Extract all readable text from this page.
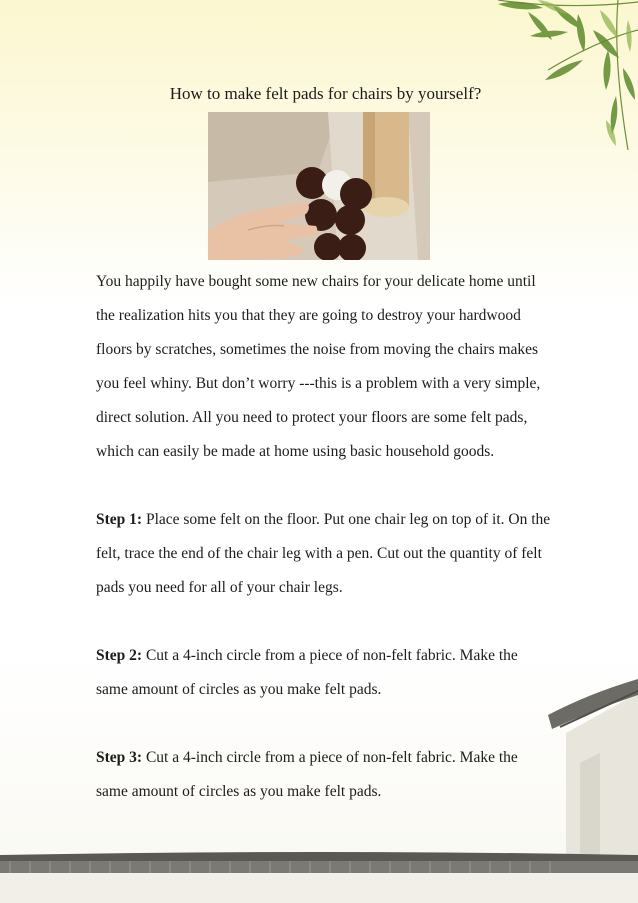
How to make felt pads for chairs by yourself?

You happily have bought some new chairs for your delicate home until the realization hits you that they are going to destroy your hardwood floors by scratches, sometimes the noise from moving the chairs makes you feel whiny. But don’t worry ---this is a problem with a very simple, direct solution. All you need to protect your floors are some felt pads, which can easily be made at home using basic household goods.

Step 1: Place some felt on the floor. Put one chair leg on top of it. On the felt, trace the end of the chair leg with a pen. Cut out the quantity of felt pads you need for all of your chair legs.

Step 2: Cut a 4-inch circle from a piece of non-felt fabric. Make the same amount of circles as you make felt pads.

Step 3: Cut a 4-inch circle from a piece of non-felt fabric. Make the same amount of circles as you make felt pads.
